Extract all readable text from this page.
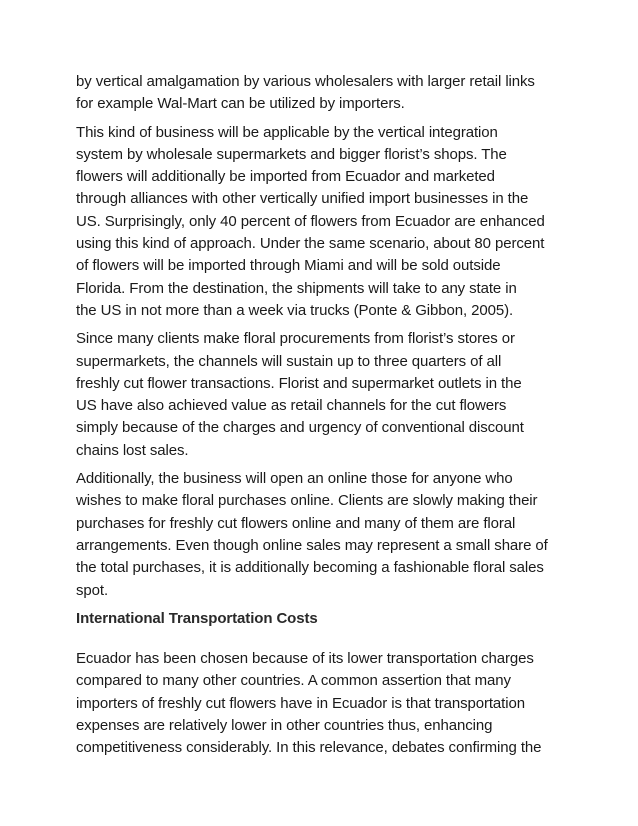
by vertical amalgamation by various wholesalers with larger retail links
for example Wal-Mart can be utilized by importers.

This kind of business will be applicable by the vertical integration
system by wholesale supermarkets and bigger florist’s shops. The
flowers will additionally be imported from Ecuador and marketed
through alliances with other vertically unified import businesses in the
US. Surprisingly, only 40 percent of flowers from Ecuador are enhanced
using this kind of approach. Under the same scenario, about 80 percent
of flowers will be imported through Miami and will be sold outside
Florida. From the destination, the shipments will take to any state in
the US in not more than a week via trucks (Ponte & Gibbon, 2005).

Since many clients make floral procurements from florist’s stores or
supermarkets, the channels will sustain up to three quarters of all
freshly cut flower transactions. Florist and supermarket outlets in the
US have also achieved value as retail channels for the cut flowers
simply because of the charges and urgency of conventional discount
chains lost sales.

Additionally, the business will open an online those for anyone who
wishes to make floral purchases online. Clients are slowly making their
purchases for freshly cut flowers online and many of them are floral
arrangements. Even though online sales may represent a small share of
the total purchases, it is additionally becoming a fashionable floral sales
spot.

International Transportation Costs

Ecuador has been chosen because of its lower transportation charges
compared to many other countries. A common assertion that many
importers of freshly cut flowers have in Ecuador is that transportation
expenses are relatively lower in other countries thus, enhancing
competitiveness considerably. In this relevance, debates confirming the
